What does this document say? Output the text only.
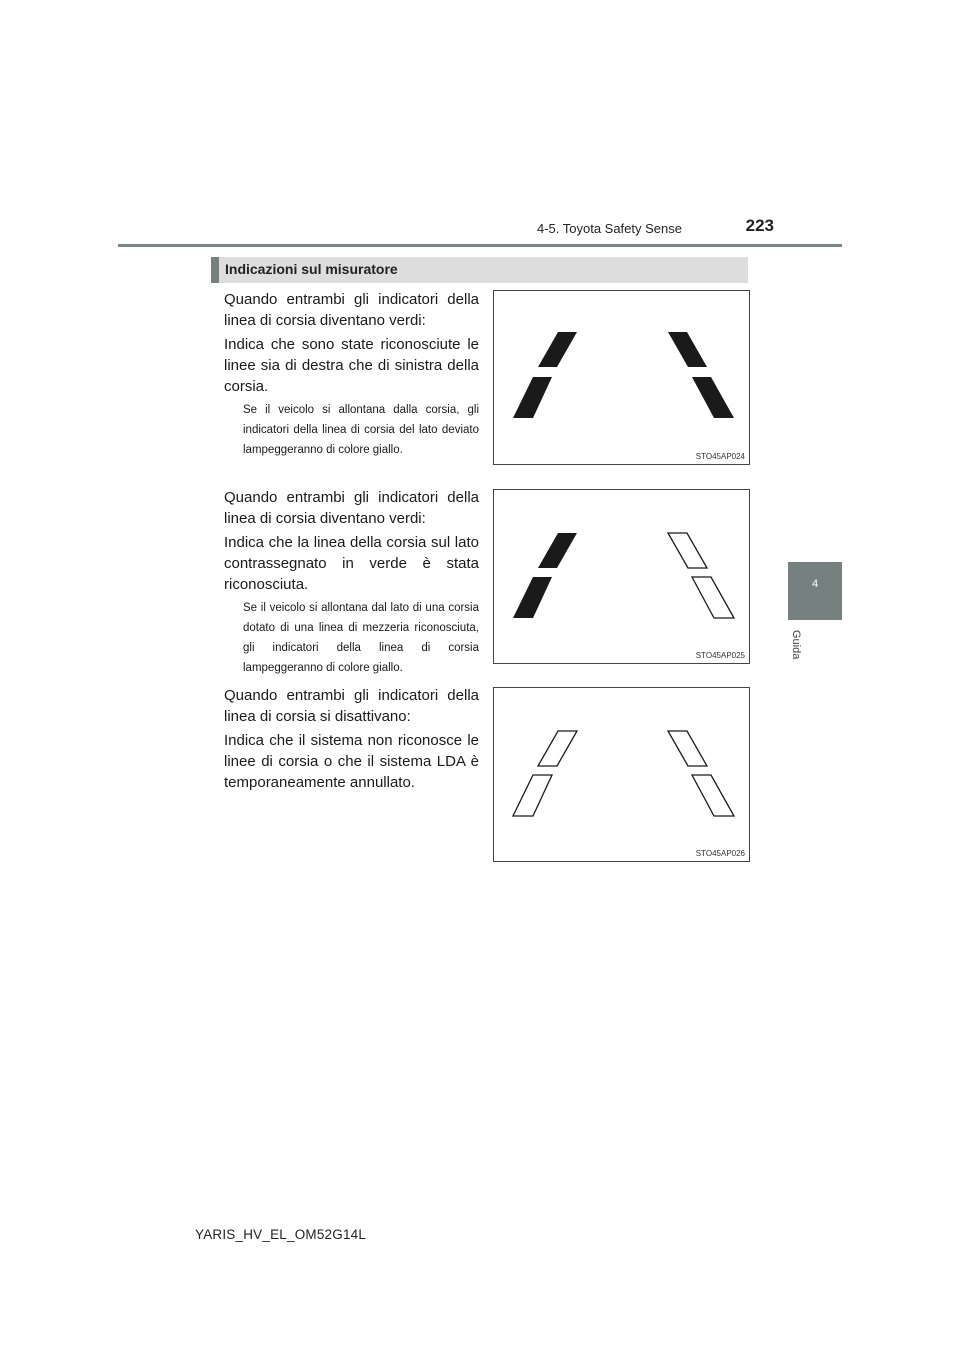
4-5. Toyota Safety Sense	223
4
Guida
Indicazioni sul misuratore
Quando entrambi gli indicatori della linea di corsia diventano verdi:
Indica che sono state riconosciute le linee sia di destra che di sinistra della corsia.
Se il veicolo si allontana dalla corsia, gli indicatori della linea di corsia del lato deviato lampeggeranno di colore giallo.
STO45AP024
Quando entrambi gli indicatori della linea di corsia diventano verdi:
Indica che la linea della corsia sul lato contrassegnato in verde è stata riconosciuta.
Se il veicolo si allontana dal lato di una corsia dotato di una linea di mezzeria riconosciuta, gli indicatori della linea di corsia lampeggeranno di colore giallo.
STO45AP025
Quando entrambi gli indicatori della linea di corsia si disattivano:
Indica che il sistema non riconosce le linee di corsia o che il sistema LDA è temporaneamente annullato.
STO45AP026
YARIS_HV_EL_OM52G14L
